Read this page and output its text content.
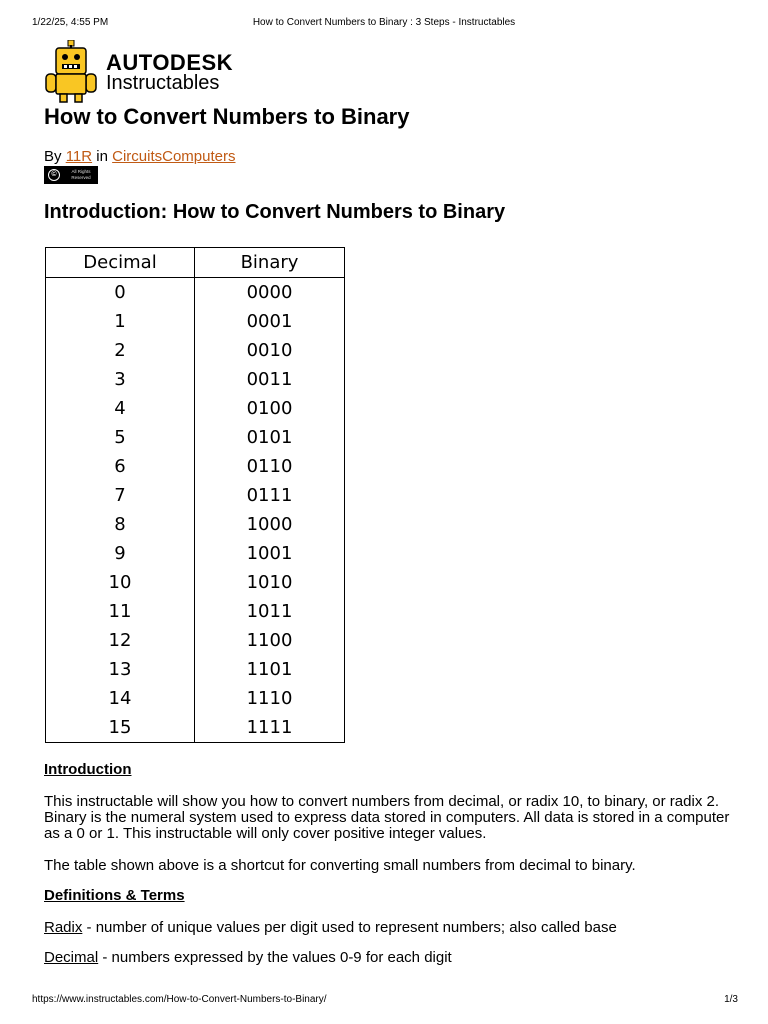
1/22/25, 4:55 PM	How to Convert Numbers to Binary : 3 Steps - Instructables
AUTODESK
Instructables
How to Convert Numbers to Binary
By 11R in CircuitsComputers
©	All Rights Reserved
Introduction: How to Convert Numbers to Binary
Decimal	Binary
0	0000
1	0001
2	0010
3	0011
4	0100
5	0101
6	0110
7	0111
8	1000
9	1001
10	1010
11	1011
12	1100
13	1101
14	1110
15	1111
Introduction
This instructable will show you how to convert numbers from decimal, or radix 10, to binary, or radix 2. Binary is the numeral system used to express data stored in computers. All data is stored in a computer as a 0 or 1. This instructable will only cover positive integer values.
The table shown above is a shortcut for converting small numbers from decimal to binary.
Definitions & Terms
Radix - number of unique values per digit used to represent numbers; also called base
Decimal - numbers expressed by the values 0-9 for each digit
https://www.instructables.com/How-to-Convert-Numbers-to-Binary/	1/3
